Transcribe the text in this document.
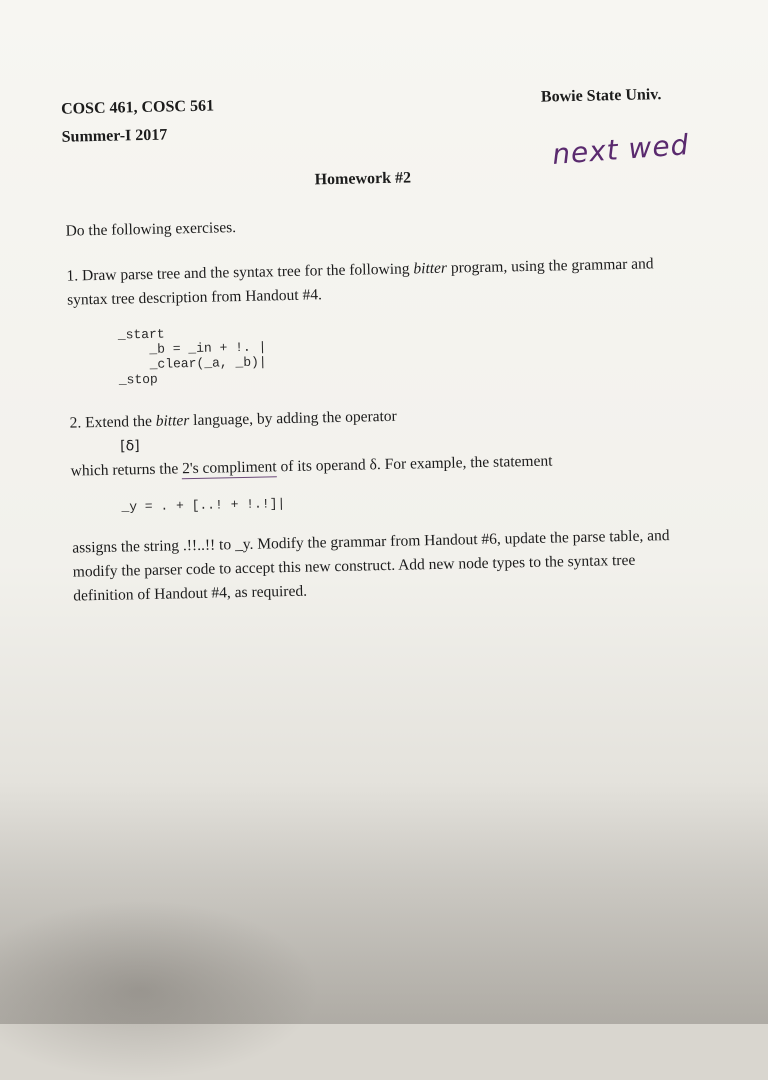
COSC 461, COSC 561
Summer-I 2017
Bowie State Univ.
next wed
Homework #2
Do the following exercises.
1. Draw parse tree and the syntax tree for the following bitter program, using the grammar and syntax tree description from Handout #4.
_start
_b = _in + !. |
_clear(_a, _b)|
_stop
2. Extend the bitter language, by adding the operator
[δ]
which returns the 2's compliment of its operand δ. For example, the statement
_y = . + [..! + !.!]|
assigns the string .!!..!! to _y. Modify the grammar from Handout #6, update the parse table, and modify the parser code to accept this new construct. Add new node types to the syntax tree definition of Handout #4, as required.
